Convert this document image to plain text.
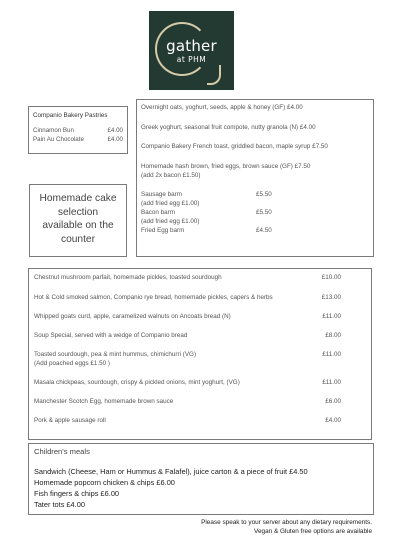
gather
at PHM
Companio Bakery Pastries
Cinnamon Bun	£4.00
Pain Au Chocolate	£4.00
Homemade cake
selection
available on the
counter
Overnight oats, yoghurt, seeds, apple & honey (GF) £4.00
Greek yoghurt, seasonal fruit compote, nutty granola (N) £4.00
Companio Bakery French toast, griddled bacon, maple syrup £7.50
Homemade hash brown, fried eggs, brown sauce (GF) £7.50
(add 2x bacon £1.50)
Sausage barm	£5.50
(add fried egg £1.00)
Bacon barm	£5.50
(add fried egg £1.00)
Fried Egg barm	£4.50
Chestnut mushroom parfait, homemade pickles, toasted sourdough	£10.00
Hot & Cold smoked salmon, Companio rye bread, homemade pickles, capers & herbs	£13.00
Whipped goats curd, apple, caramelized walnuts on Ancoats bread (N)	£11.00
Soup Special, served with a wedge of Companio bread	£8.00
Toasted sourdough, pea & mint hummus, chimichurri (VG)	£11.00
(Add poached eggs £1.50 )
Masala chickpeas, sourdough, crispy & pickled onions, mint yoghurt, (VG)	£11.00
Manchester Scotch Egg, homemade brown sauce	£6.00
Pork & apple sausage roll	£4.00
Children's meals
Sandwich (Cheese, Ham or Hummus & Falafel), juice carton & a piece of fruit £4.50
Homemade popcorn chicken & chips £6.00
Fish fingers & chips £6.00
Tater tots £4.00
Please speak to your server about any dietary requirements.
Vegan & Gluten free options are available
